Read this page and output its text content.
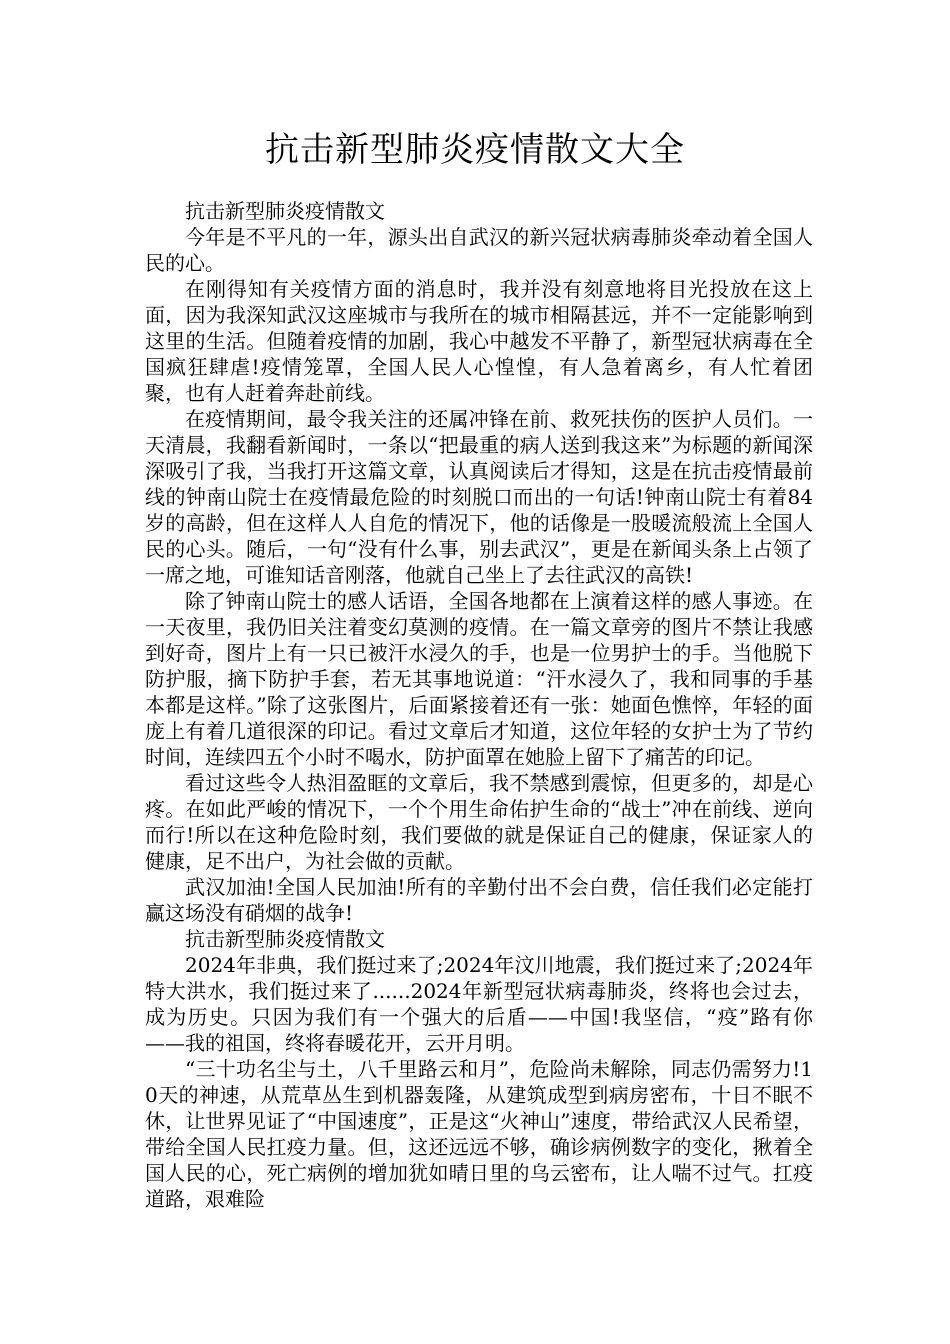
抗击新型肺炎疫情散文大全

抗击新型肺炎疫情散文

今年是不平凡的一年，源头出自武汉的新兴冠状病毒肺炎牵动着全国人民的心。

在刚得知有关疫情方面的消息时，我并没有刻意地将目光投放在这上面，因为我深知武汉这座城市与我所在的城市相隔甚远，并不一定能影响到这里的生活。但随着疫情的加剧，我心中越发不平静了，新型冠状病毒在全国疯狂肆虐!疫情笼罩，全国人民人心惶惶，有人急着离乡，有人忙着团聚，也有人赶着奔赴前线。

在疫情期间，最令我关注的还属冲锋在前、救死扶伤的医护人员们。一天清晨，我翻看新闻时，一条以“把最重的病人送到我这来”为标题的新闻深深吸引了我，当我打开这篇文章，认真阅读后才得知，这是在抗击疫情最前线的钟南山院士在疫情最危险的时刻脱口而出的一句话!钟南山院士有着84岁的高龄，但在这样人人自危的情况下，他的话像是一股暖流般流上全国人民的心头。随后，一句“没有什么事，别去武汉”，更是在新闻头条上占领了一席之地，可谁知话音刚落，他就自己坐上了去往武汉的高铁!

除了钟南山院士的感人话语，全国各地都在上演着这样的感人事迹。在一天夜里，我仍旧关注着变幻莫测的疫情。在一篇文章旁的图片不禁让我感到好奇，图片上有一只已被汗水浸久的手，也是一位男护士的手。当他脱下防护服，摘下防护手套，若无其事地说道：“汗水浸久了，我和同事的手基本都是这样。”除了这张图片，后面紧接着还有一张：她面色憔悴，年轻的面庞上有着几道很深的印记。看过文章后才知道，这位年轻的女护士为了节约时间，连续四五个小时不喝水，防护面罩在她脸上留下了痛苦的印记。

看过这些令人热泪盈眶的文章后，我不禁感到震惊，但更多的，却是心疼。在如此严峻的情况下，一个个用生命佑护生命的“战士”冲在前线、逆向而行!所以在这种危险时刻，我们要做的就是保证自己的健康，保证家人的健康，足不出户，为社会做的贡献。

武汉加油!全国人民加油!所有的辛勤付出不会白费，信任我们必定能打赢这场没有硝烟的战争!

抗击新型肺炎疫情散文

2024年非典，我们挺过来了;2024年汶川地震，我们挺过来了;2024年特大洪水，我们挺过来了......2024年新型冠状病毒肺炎，终将也会过去，成为历史。只因为我们有一个强大的后盾——中国!我坚信，“疫”路有你——我的祖国，终将春暖花开，云开月明。

“三十功名尘与土，八千里路云和月”，危险尚未解除，同志仍需努力!10天的神速，从荒草丛生到机器轰隆，从建筑成型到病房密布，十日不眠不休，让世界见证了“中国速度”，正是这“火神山”速度，带给武汉人民希望，带给全国人民扛疫力量。但，这还远远不够，确诊病例数字的变化，揪着全国人民的心，死亡病例的增加犹如晴日里的乌云密布，让人喘不过气。扛疫道路，艰难险
